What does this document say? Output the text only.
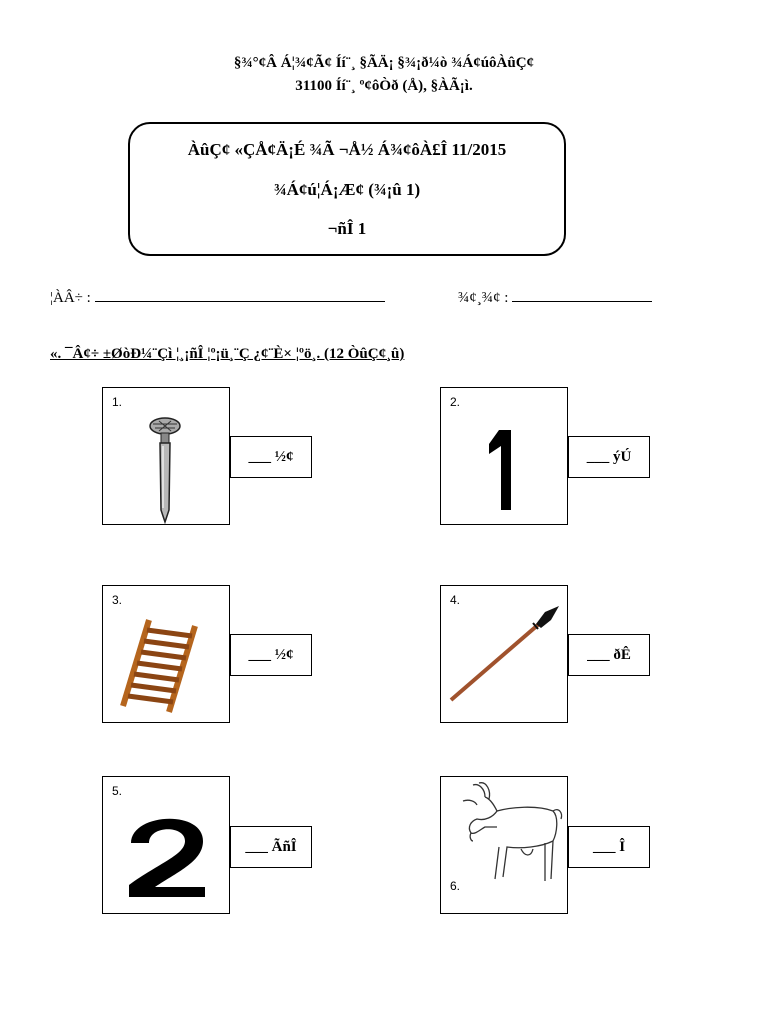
§¾°¢Â Á¦¾¢Ã¢ Íí¨¸ §ÃÄ¡ §¾¡ð¼ò ¾Á¢úôÀûÇ¢
31100 Íí¨¸ º¢ôÒð (Å), §ÀÃ¡ì.
ÀûÇ¢ «ÇÅ¢Ä¡É ¾Ã ¬Å½ Á¾¢ôÀ£Î 11/2015
¾Á¢ú¦Á¡Æ¢ (¾¡û 1)
¬ñÎ 1
¦ÀÂ÷ :	¾¢¸¾¢ :
«. ¯Â¢÷ ±ØòÐ¼¨Çì ¦¸¡ñÎ ¦º¡ü¸¨Ç ¿¢¨È× ¦ºö¸. (12 ÒûÇ¢¸û)
1.
___ ½¢
2.
___ ýÚ
3.
___ ½¢
4.
___ ðÊ
5.
___ ÃñÎ
6.
___ Î
